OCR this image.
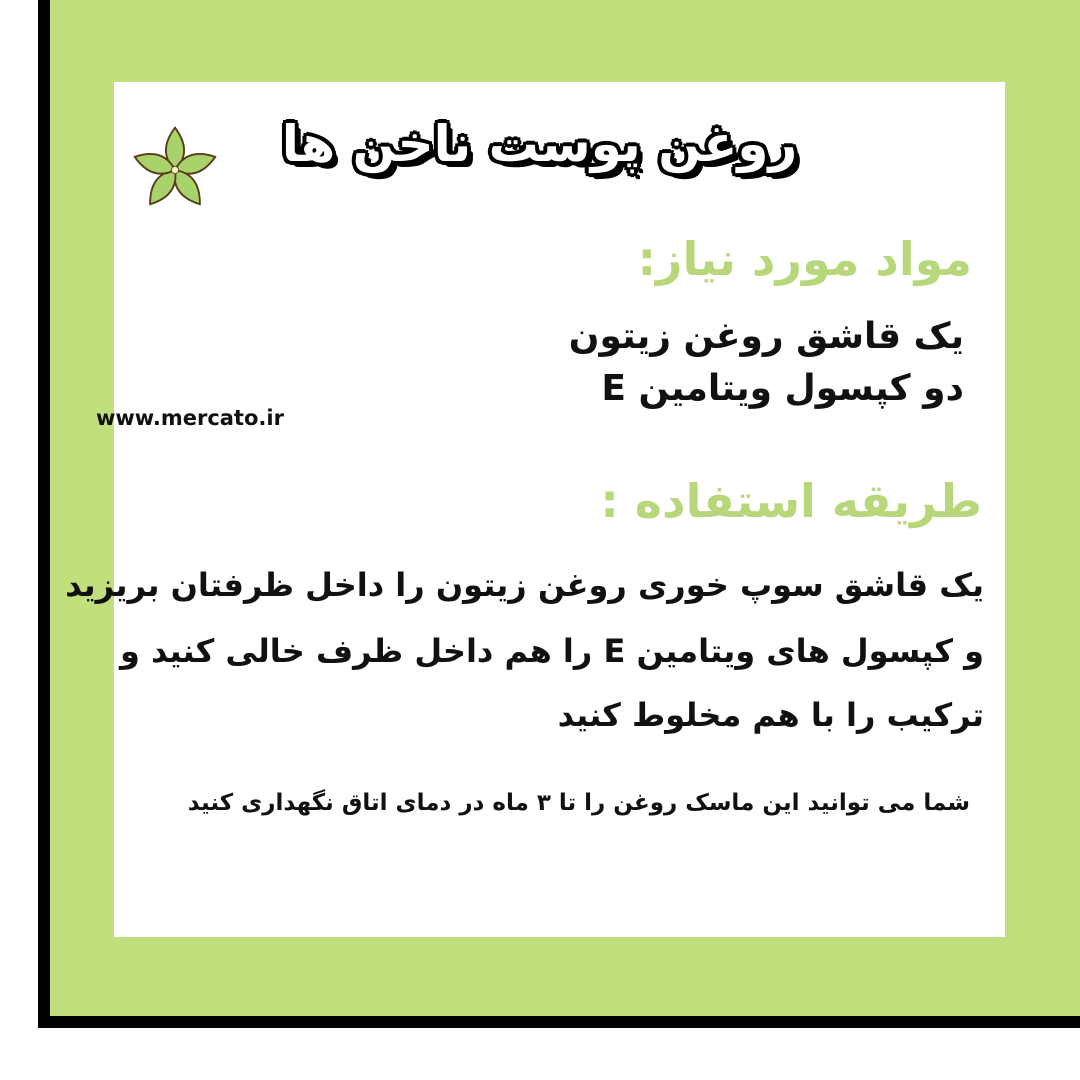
روغن پوست ناخن ها
مواد مورد نیاز:
یک قاشق روغن زیتون
دو کپسول ویتامین E
www.mercato.ir
طریقه استفاده :
یک قاشق سوپ خوری روغن زیتون را داخل ظرفتان بریزید
و کپسول های ویتامین E را هم داخل ظرف خالی کنید و
ترکیب را با هم مخلوط کنید
شما می توانید این ماسک روغن را تا ۳ ماه در دمای اتاق نگهداری کنید
